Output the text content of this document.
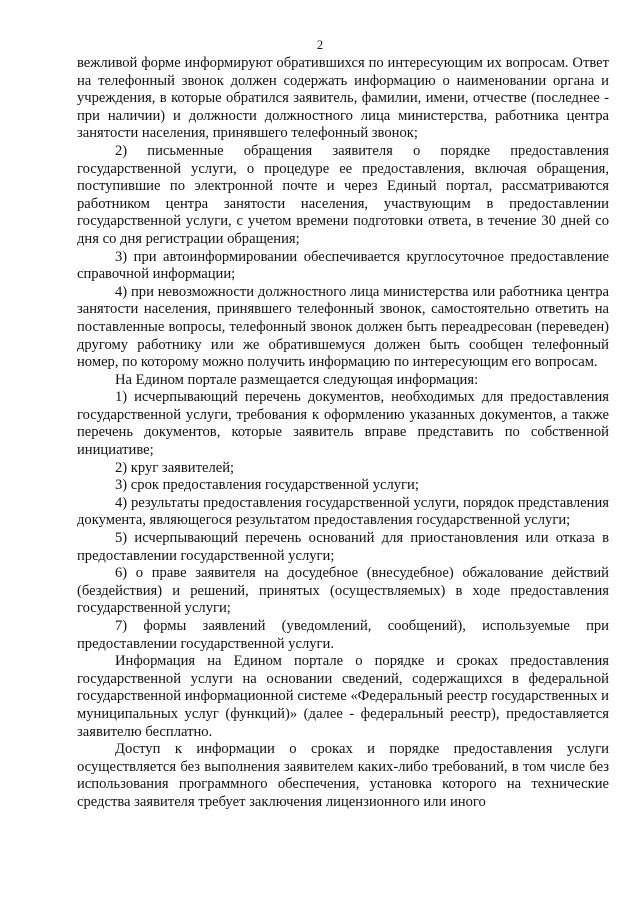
2

вежливой форме информируют обратившихся по интересующим их вопросам. Ответ на телефонный звонок должен содержать информацию о наименовании органа и учреждения, в которые обратился заявитель, фамилии, имени, отчестве (последнее - при наличии) и должности должностного лица министерства, работника центра занятости населения, принявшего телефонный звонок;

2) письменные обращения заявителя о порядке предоставления государственной услуги, о процедуре ее предоставления, включая обращения, поступившие по электронной почте и через Единый портал, рассматриваются работником центра занятости населения, участвующим в предоставлении государственной услуги, с учетом времени подготовки ответа, в течение 30 дней со дня со дня регистрации обращения;

3) при автоинформировании обеспечивается круглосуточное предоставление справочной информации;

4) при невозможности должностного лица министерства или работника центра занятости населения, принявшего телефонный звонок, самостоятельно ответить на поставленные вопросы, телефонный звонок должен быть переадресован (переведен) другому работнику или же обратившемуся должен быть сообщен телефонный номер, по которому можно получить информацию по интересующим его вопросам.

На Едином портале размещается следующая информация:

1) исчерпывающий перечень документов, необходимых для предоставления государственной услуги, требования к оформлению указанных документов, а также перечень документов, которые заявитель вправе представить по собственной инициативе;

2) круг заявителей;

3) срок предоставления государственной услуги;

4) результаты предоставления государственной услуги, порядок представления документа, являющегося результатом предоставления государственной услуги;

5) исчерпывающий перечень оснований для приостановления или отказа в предоставлении государственной услуги;

6) о праве заявителя на досудебное (внесудебное) обжалование действий (бездействия) и решений, принятых (осуществляемых) в ходе предоставления государственной услуги;

7) формы заявлений (уведомлений, сообщений), используемые при предоставлении государственной услуги.

Информация на Едином портале о порядке и сроках предоставления государственной услуги на основании сведений, содержащихся в федеральной государственной информационной системе «Федеральный реестр государственных и муниципальных услуг (функций)» (далее - федеральный реестр), предоставляется заявителю бесплатно.

Доступ к информации о сроках и порядке предоставления услуги осуществляется без выполнения заявителем каких-либо требований, в том числе без использования программного обеспечения, установка которого на технические средства заявителя требует заключения лицензионного или иного
